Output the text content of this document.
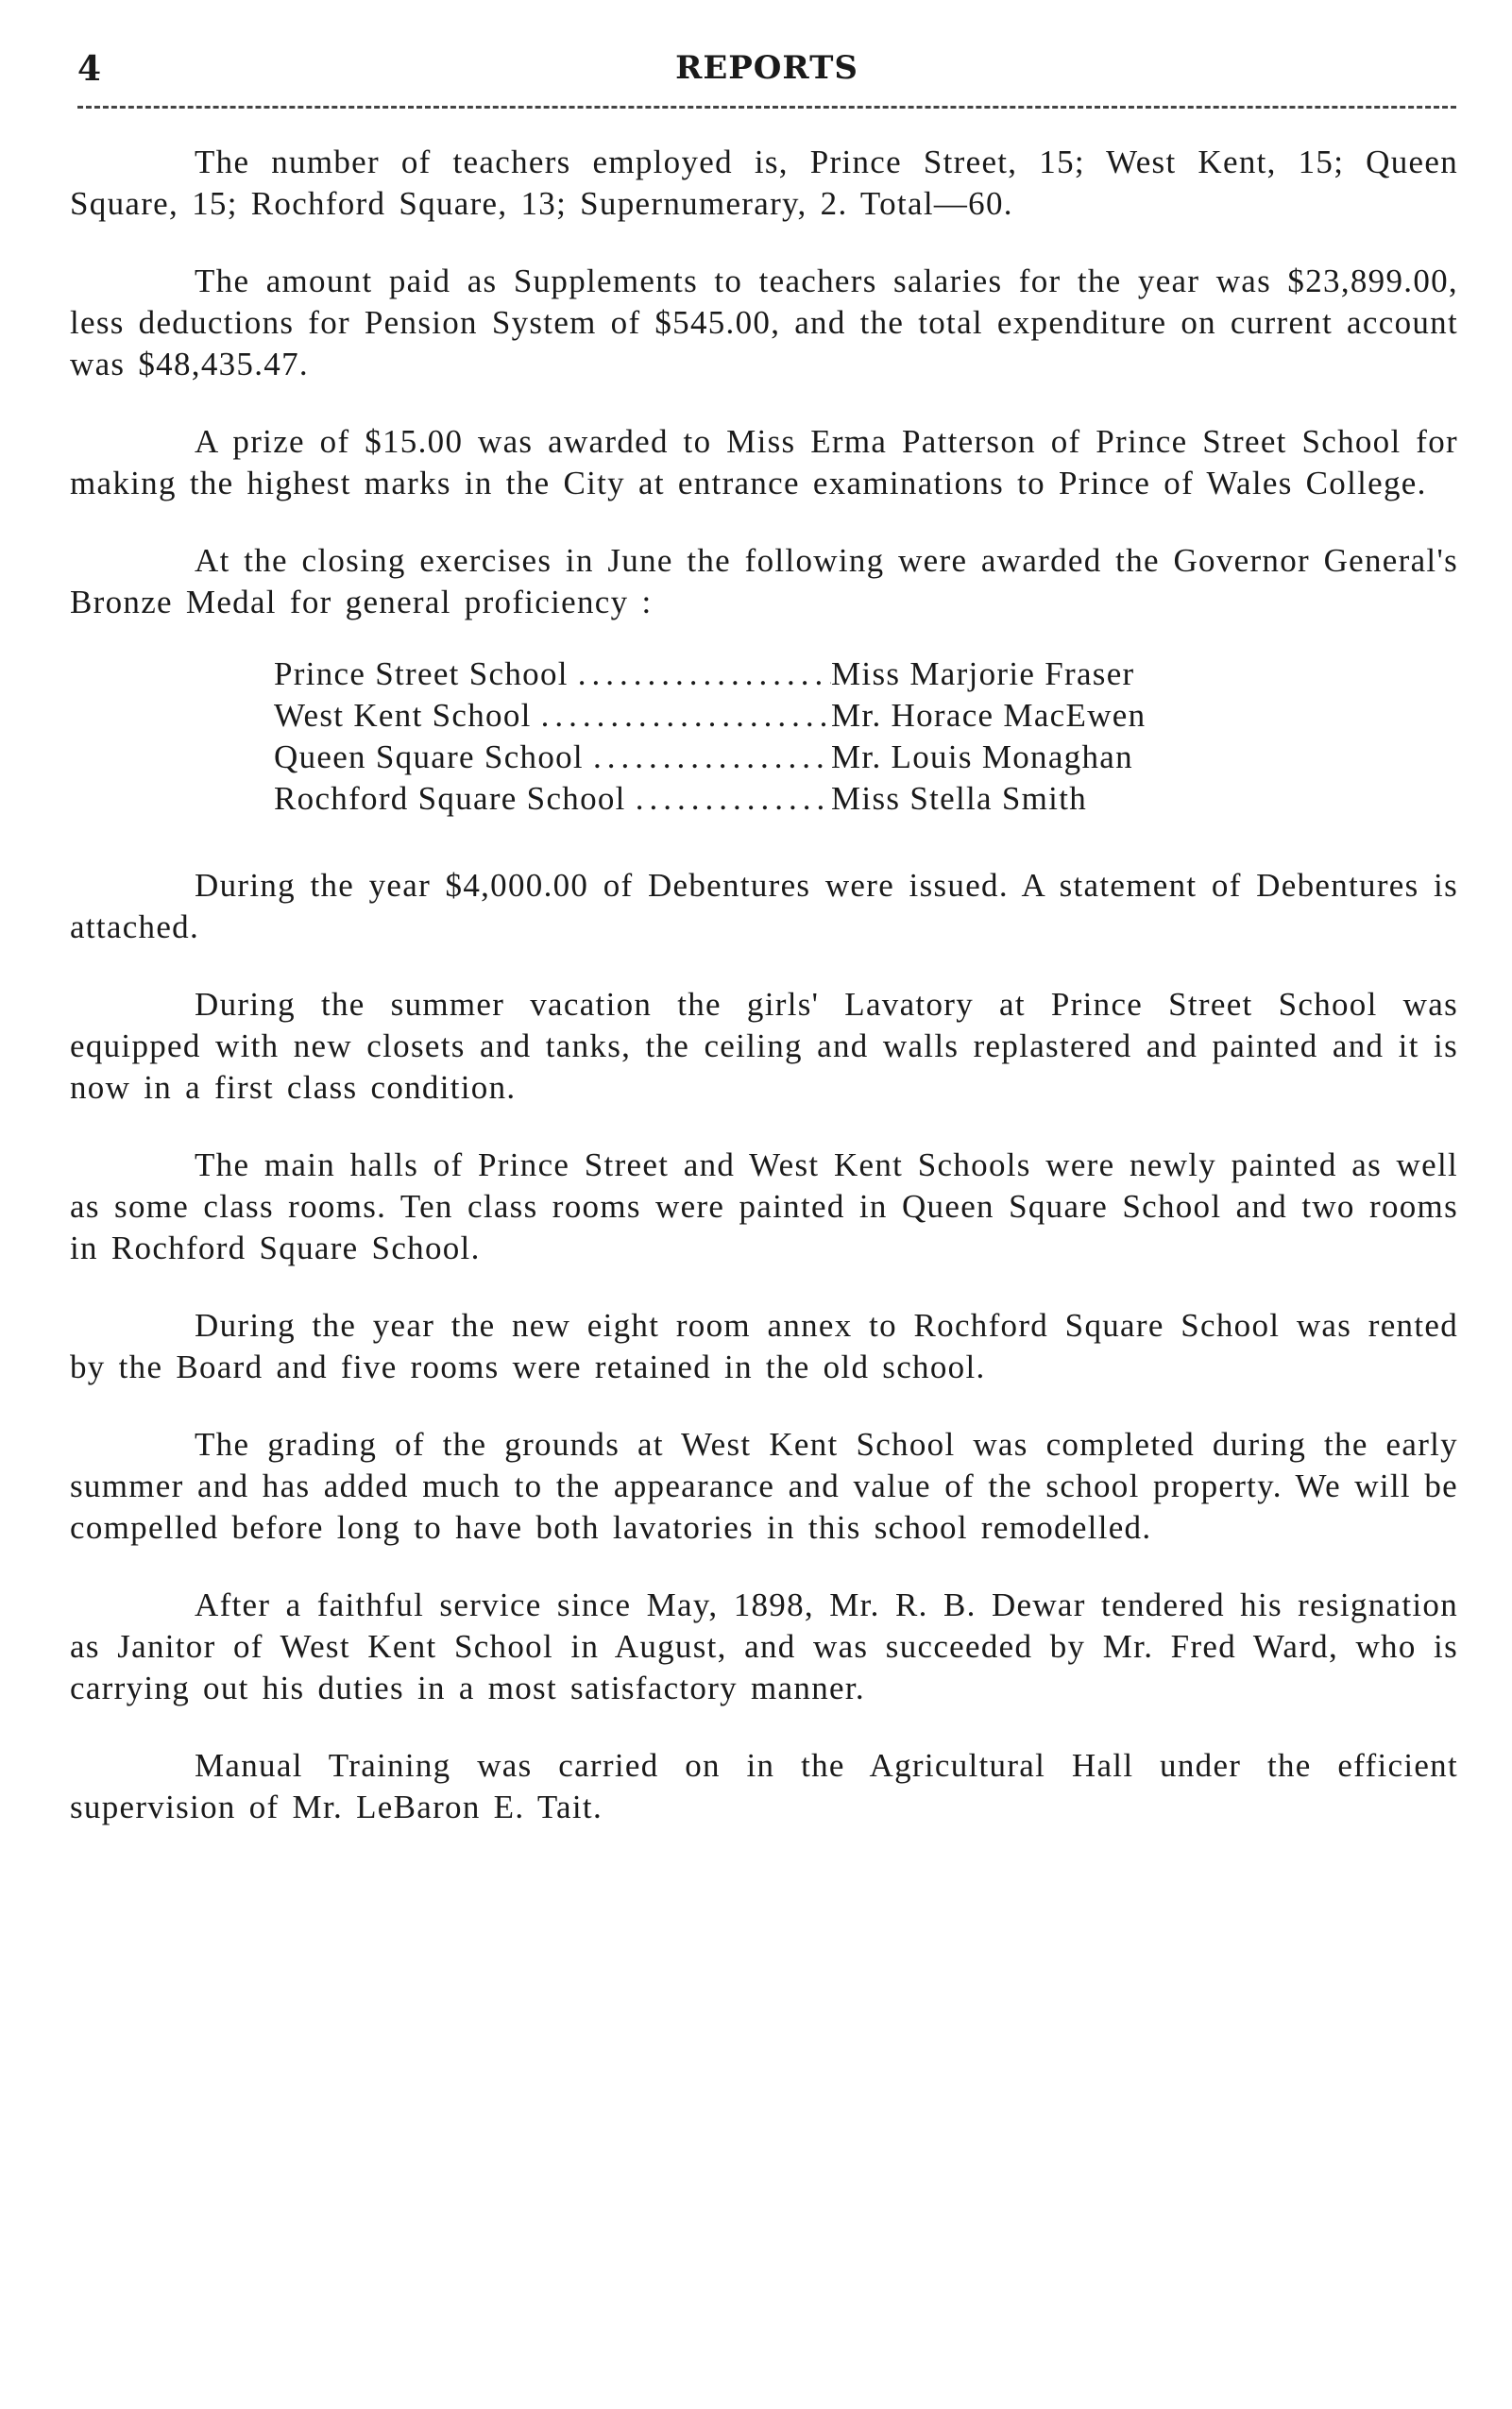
4	REPORTS

The number of teachers employed is, Prince Street, 15; West Kent, 15; Queen Square, 15; Rochford Square, 13; Supernumerary, 2. Total—60.

The amount paid as Supplements to teachers salaries for the year was $23,899.00, less deductions for Pension System of $545.00, and the total expenditure on current account was $48,435.47.

A prize of $15.00 was awarded to Miss Erma Patterson of Prince Street School for making the highest marks in the City at entrance examinations to Prince of Wales College.

At the closing exercises in June the following were awarded the Governor General's Bronze Medal for general proficiency :

Prince Street School .....	Miss Marjorie Fraser
West Kent School .....	Mr. Horace MacEwen
Queen Square School .....	Mr. Louis Monaghan
Rochford Square School .....	Miss Stella Smith

During the year $4,000.00 of Debentures were issued. A statement of Debentures is attached.

During the summer vacation the girls' Lavatory at Prince Street School was equipped with new closets and tanks, the ceiling and walls replastered and painted and it is now in a first class condition.

The main halls of Prince Street and West Kent Schools were newly painted as well as some class rooms. Ten class rooms were painted in Queen Square School and two rooms in Rochford Square School.

During the year the new eight room annex to Rochford Square School was rented by the Board and five rooms were retained in the old school.

The grading of the grounds at West Kent School was completed during the early summer and has added much to the appearance and value of the school property. We will be compelled before long to have both lavatories in this school remodelled.

After a faithful service since May, 1898, Mr. R. B. Dewar tendered his resignation as Janitor of West Kent School in August, and was succeeded by Mr. Fred Ward, who is carrying out his duties in a most satisfactory manner.

Manual Training was carried on in the Agricultural Hall under the efficient supervision of Mr. LeBaron E. Tait.
